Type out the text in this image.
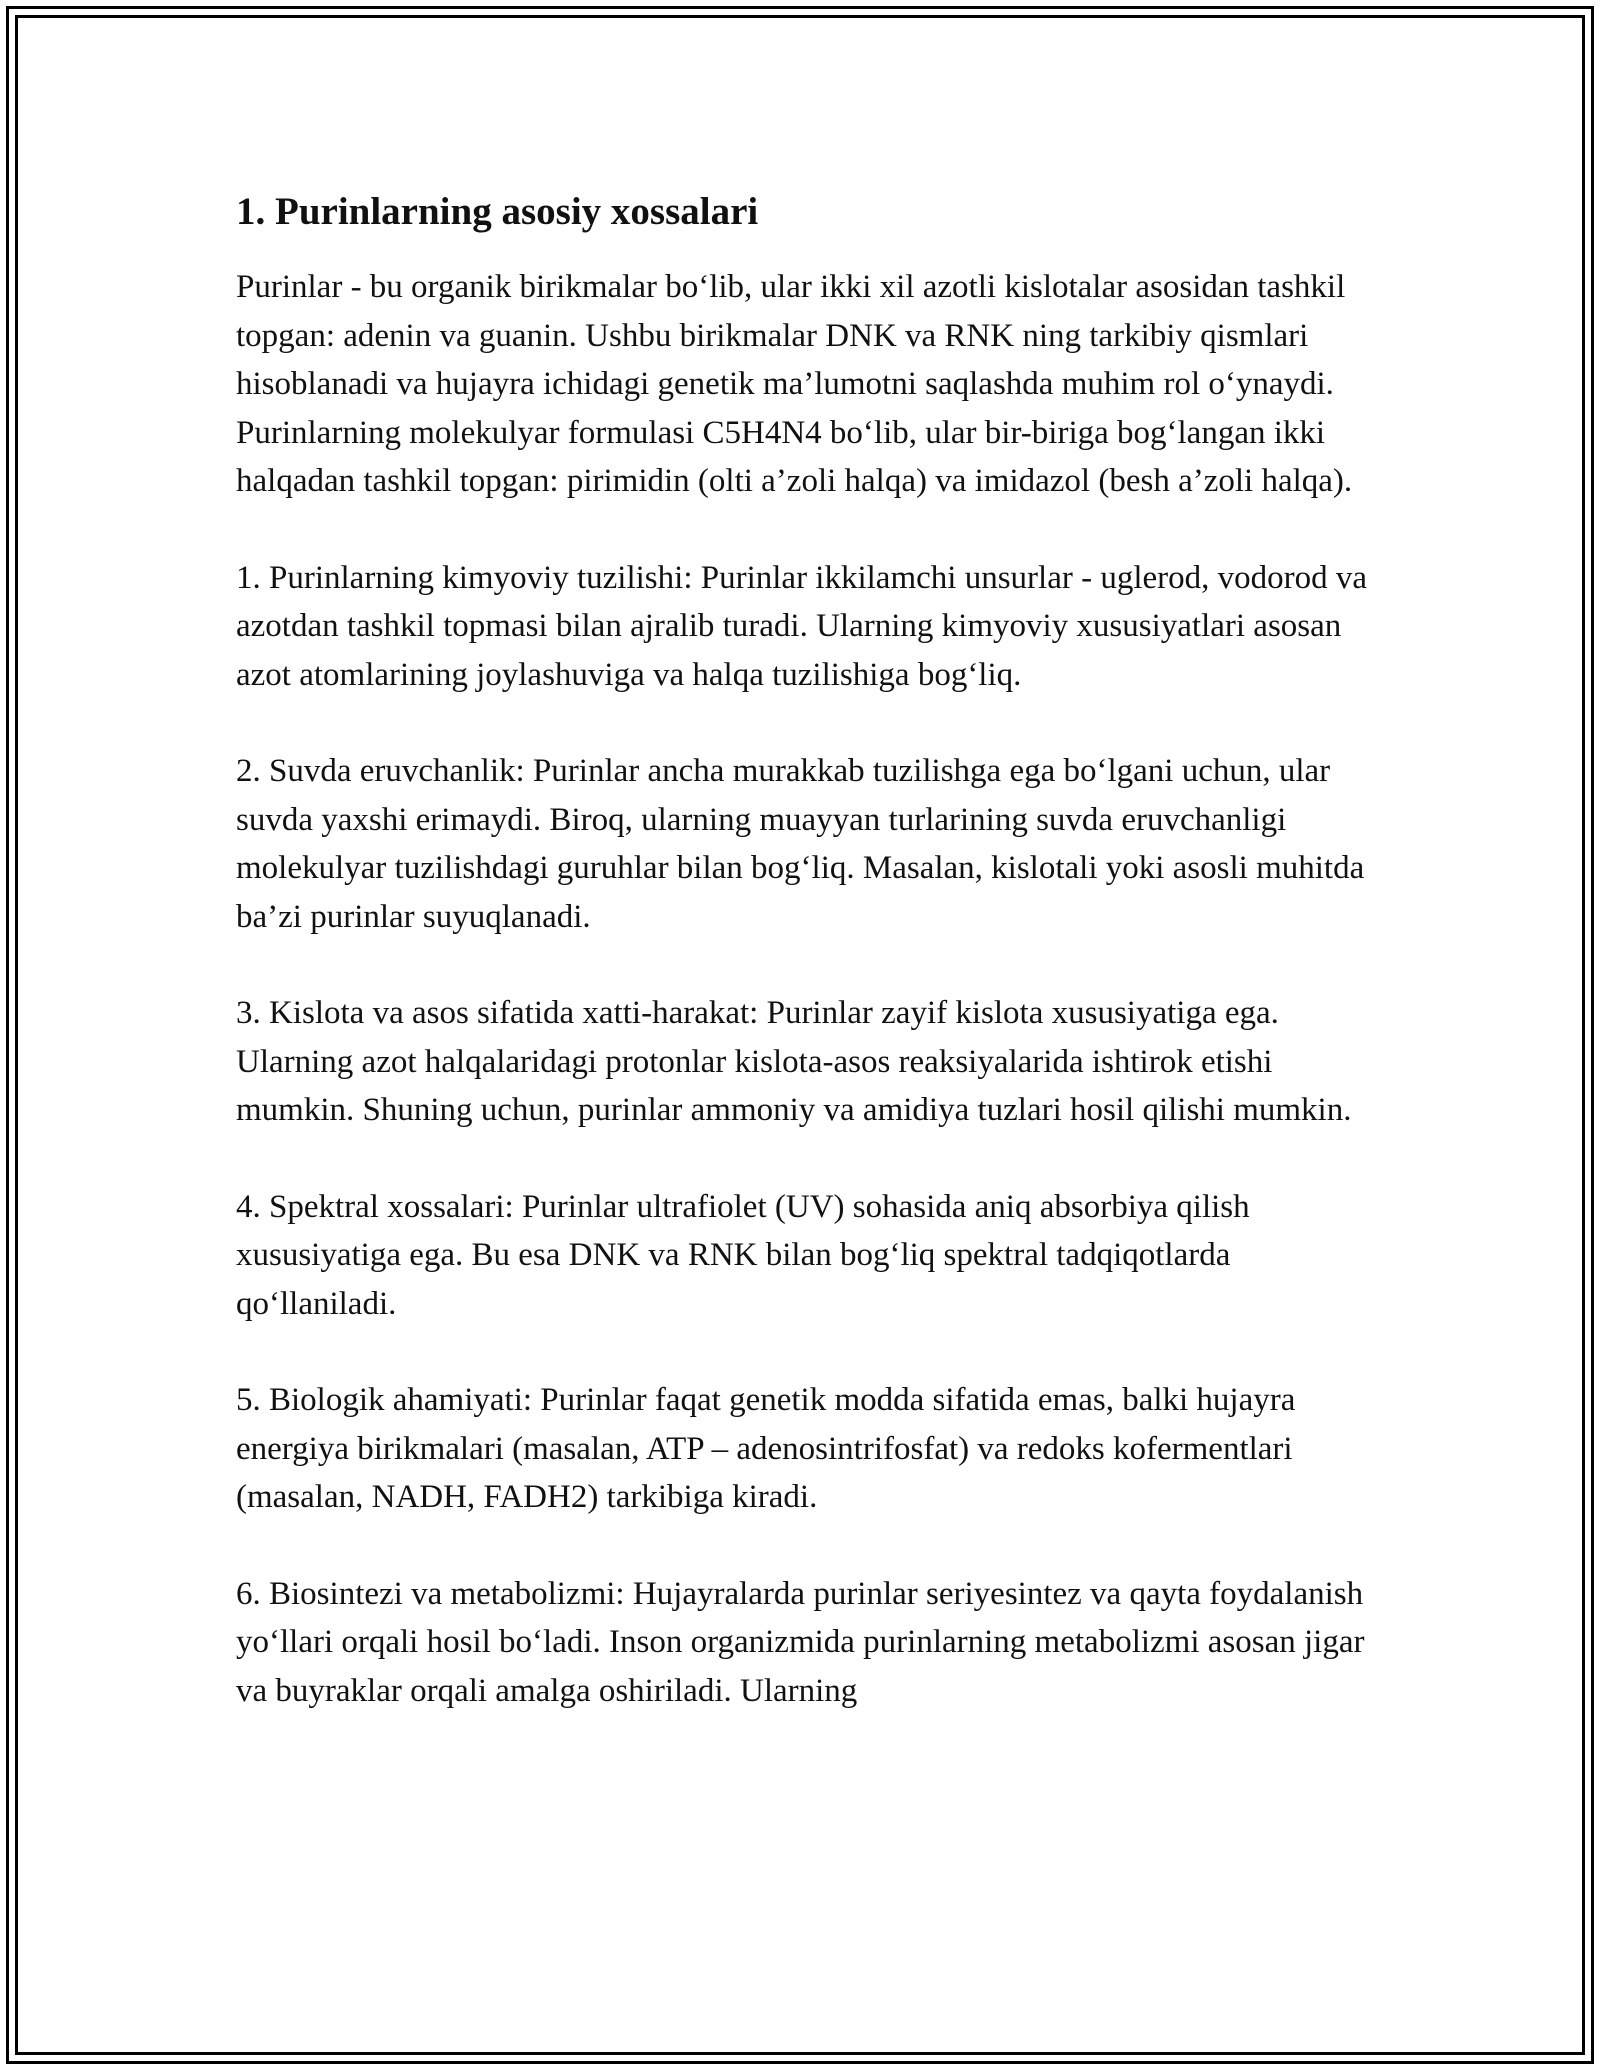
1. Purinlarning asosiy xossalari

Purinlar - bu organik birikmalar bo‘lib, ular ikki xil azotli kislotalar asosidan tashkil topgan: adenin va guanin. Ushbu birikmalar DNK va RNK ning tarkibiy qismlari hisoblanadi va hujayra ichidagi genetik ma’lumotni saqlashda muhim rol o‘ynaydi. Purinlarning molekulyar formulasi C5H4N4 bo‘lib, ular bir-biriga bog‘langan ikki halqadan tashkil topgan: pirimidin (olti a’zoli halqa) va imidazol (besh a’zoli halqa).

1. Purinlarning kimyoviy tuzilishi: Purinlar ikkilamchi unsurlar - uglerod, vodorod va azotdan tashkil topmasi bilan ajralib turadi. Ularning kimyoviy xususiyatlari asosan azot atomlarining joylashuviga va halqa tuzilishiga bog‘liq.

2. Suvda eruvchanlik: Purinlar ancha murakkab tuzilishga ega bo‘lgani uchun, ular suvda yaxshi erimaydi. Biroq, ularning muayyan turlarining suvda eruvchanligi molekulyar tuzilishdagi guruhlar bilan bog‘liq. Masalan, kislotali yoki asosli muhitda ba’zi purinlar suyuqlanadi.

3. Kislota va asos sifatida xatti-harakat: Purinlar zayif kislota xususiyatiga ega. Ularning azot halqalaridagi protonlar kislota-asos reaksiyalarida ishtirok etishi mumkin. Shuning uchun, purinlar ammoniy va amidiya tuzlari hosil qilishi mumkin.

4. Spektral xossalari: Purinlar ultrafiolet (UV) sohasida aniq absorbiya qilish xususiyatiga ega. Bu esa DNK va RNK bilan bog‘liq spektral tadqiqotlarda qo‘llaniladi.

5. Biologik ahamiyati: Purinlar faqat genetik modda sifatida emas, balki hujayra energiya birikmalari (masalan, ATP – adenosintrifosfat) va redoks kofermentlari (masalan, NADH, FADH2) tarkibiga kiradi.

6. Biosintezi va metabolizmi: Hujayralarda purinlar seriyesintez va qayta foydalanish yo‘llari orqali hosil bo‘ladi. Inson organizmida purinlarning metabolizmi asosan jigar va buyraklar orqali amalga oshiriladi. Ularning
